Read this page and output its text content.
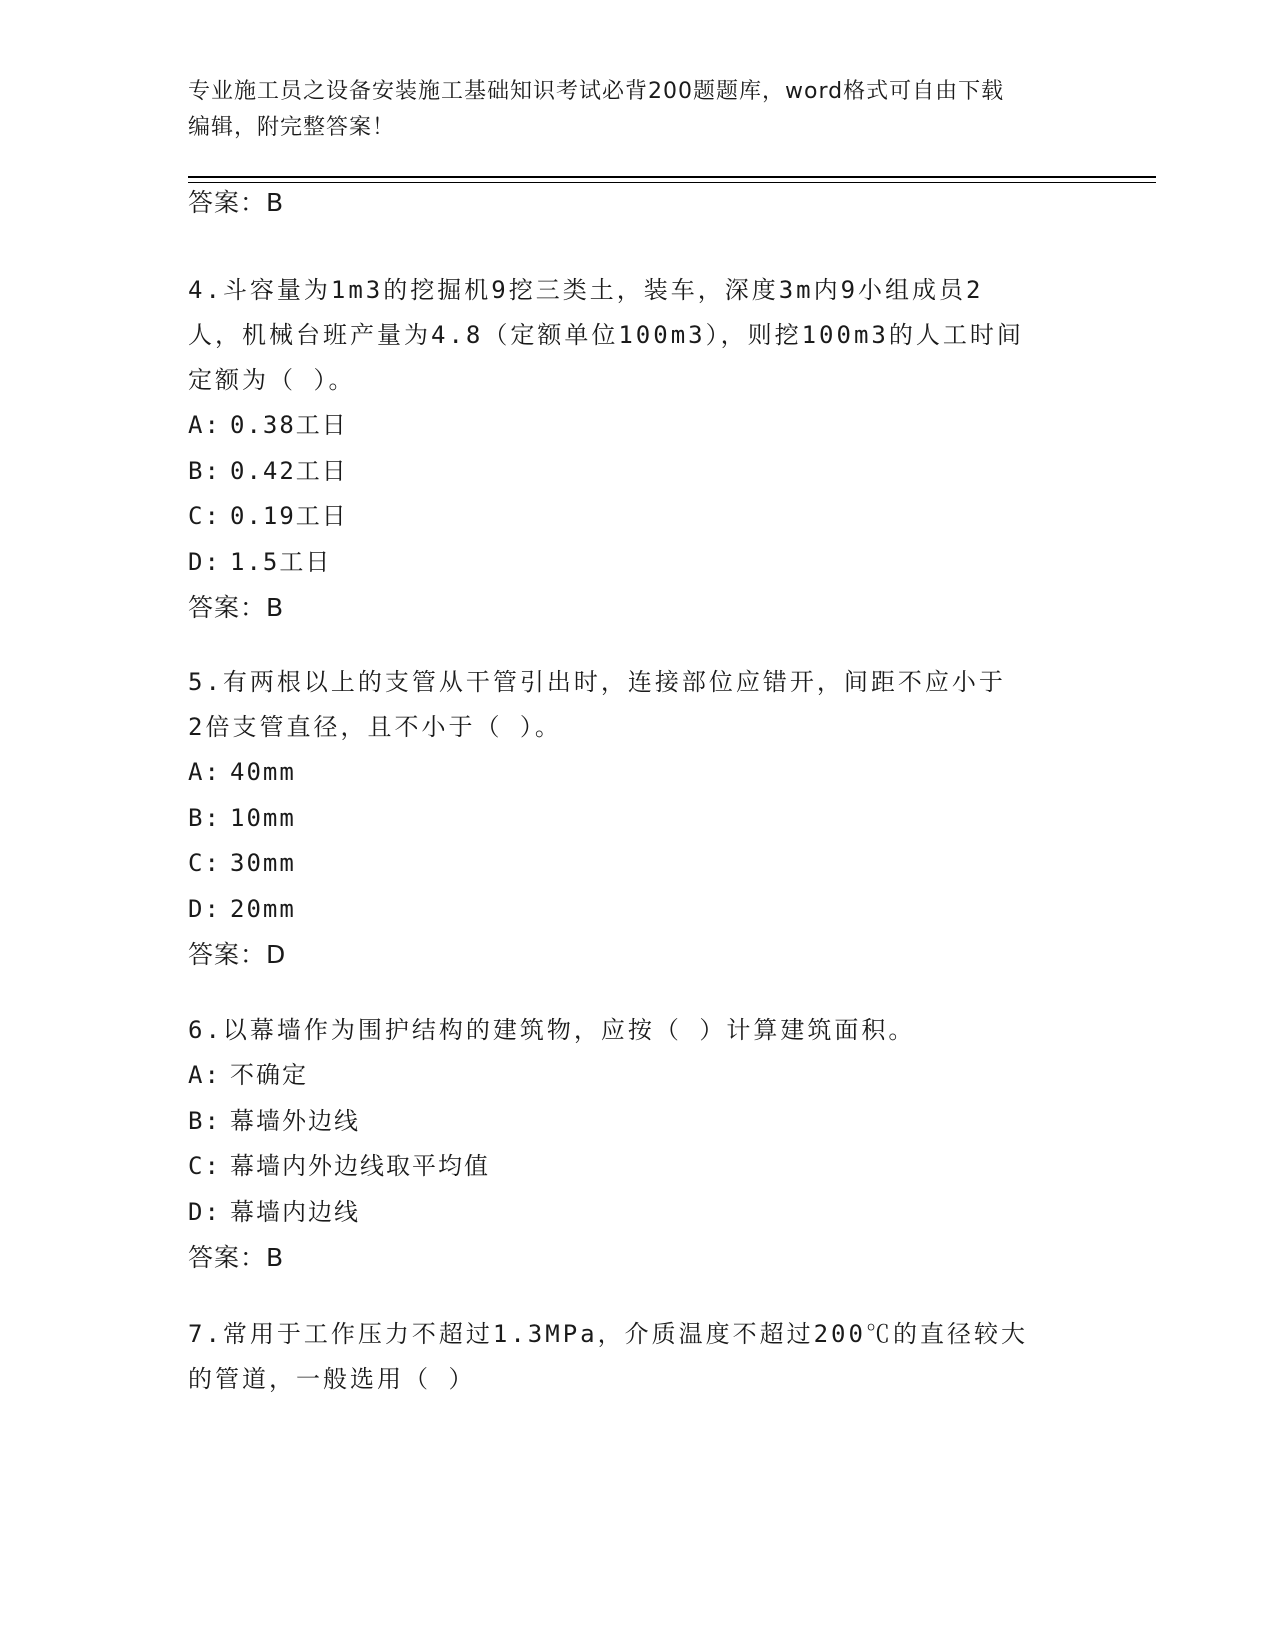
专业施工员之设备安装施工基础知识考试必背200题题库，word格式可自由下载
编辑，附完整答案！
答案：B
4.斗容量为1m3的挖掘机9挖三类土，装车，深度3m内9小组成员2
人，机械台班产量为4.8（定额单位100m3），则挖100m3的人工时间
定额为（ ）。
A: 0.38工日
B: 0.42工日
C: 0.19工日
D: 1.5工日
答案：B
5.有两根以上的支管从干管引出时，连接部位应错开，间距不应小于
2倍支管直径，且不小于（ ）。
A: 40mm
B: 10mm
C: 30mm
D: 20mm
答案：D
6.以幕墙作为围护结构的建筑物，应按（ ）计算建筑面积。
A: 不确定
B: 幕墙外边线
C: 幕墙内外边线取平均值
D: 幕墙内边线
答案：B
7.常用于工作压力不超过1.3MPa，介质温度不超过200℃的直径较大
的管道，一般选用（ ）
